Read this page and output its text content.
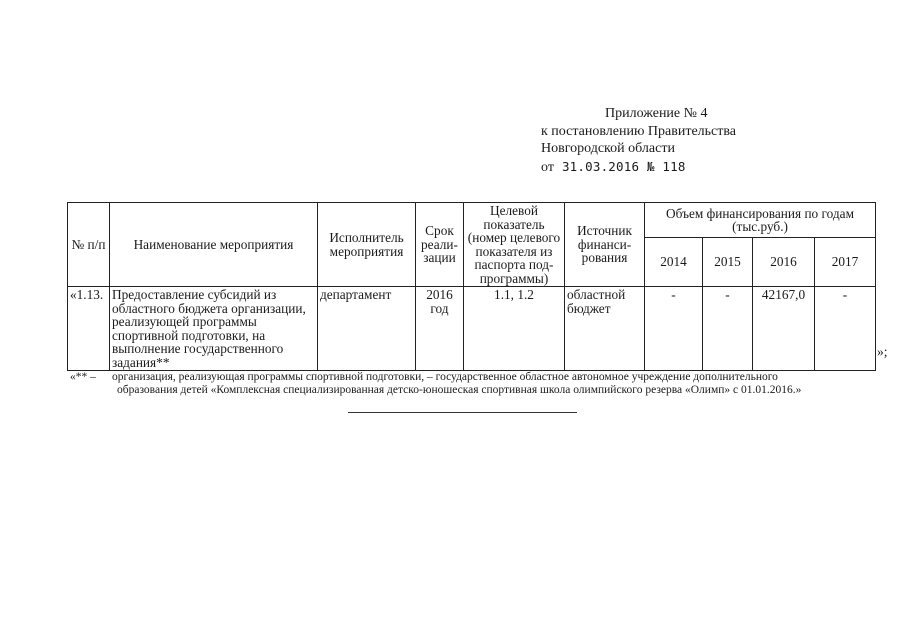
Приложение № 4
к постановлению Правительства
Новгородской области
от 31.03.2016 № 118
№ п/п	Наименование мероприятия	Исполнитель мероприятия	Срок реали-зации	Целевой показатель (номер целевого показателя из паспорта под-программы)	Источник финанси-рования	Объем финансирования по годам (тыс.руб.)			
						2014	2015	2016	2017
«1.13.	Предоставление субсидий из областного бюджета организации, реализующей программы спортивной подготовки, на выполнение государственного задания**	департамент	2016 год	1.1, 1.2	областной бюджет	-	-	42167,0	-
»;
«** – организация, реализующая программы спортивной подготовки, – государственное областное автономное учреждение дополнительного
образования детей «Комплексная специализированная детско-юношеская спортивная школа олимпийского резерва «Олимп» с 01.01.2016.»
